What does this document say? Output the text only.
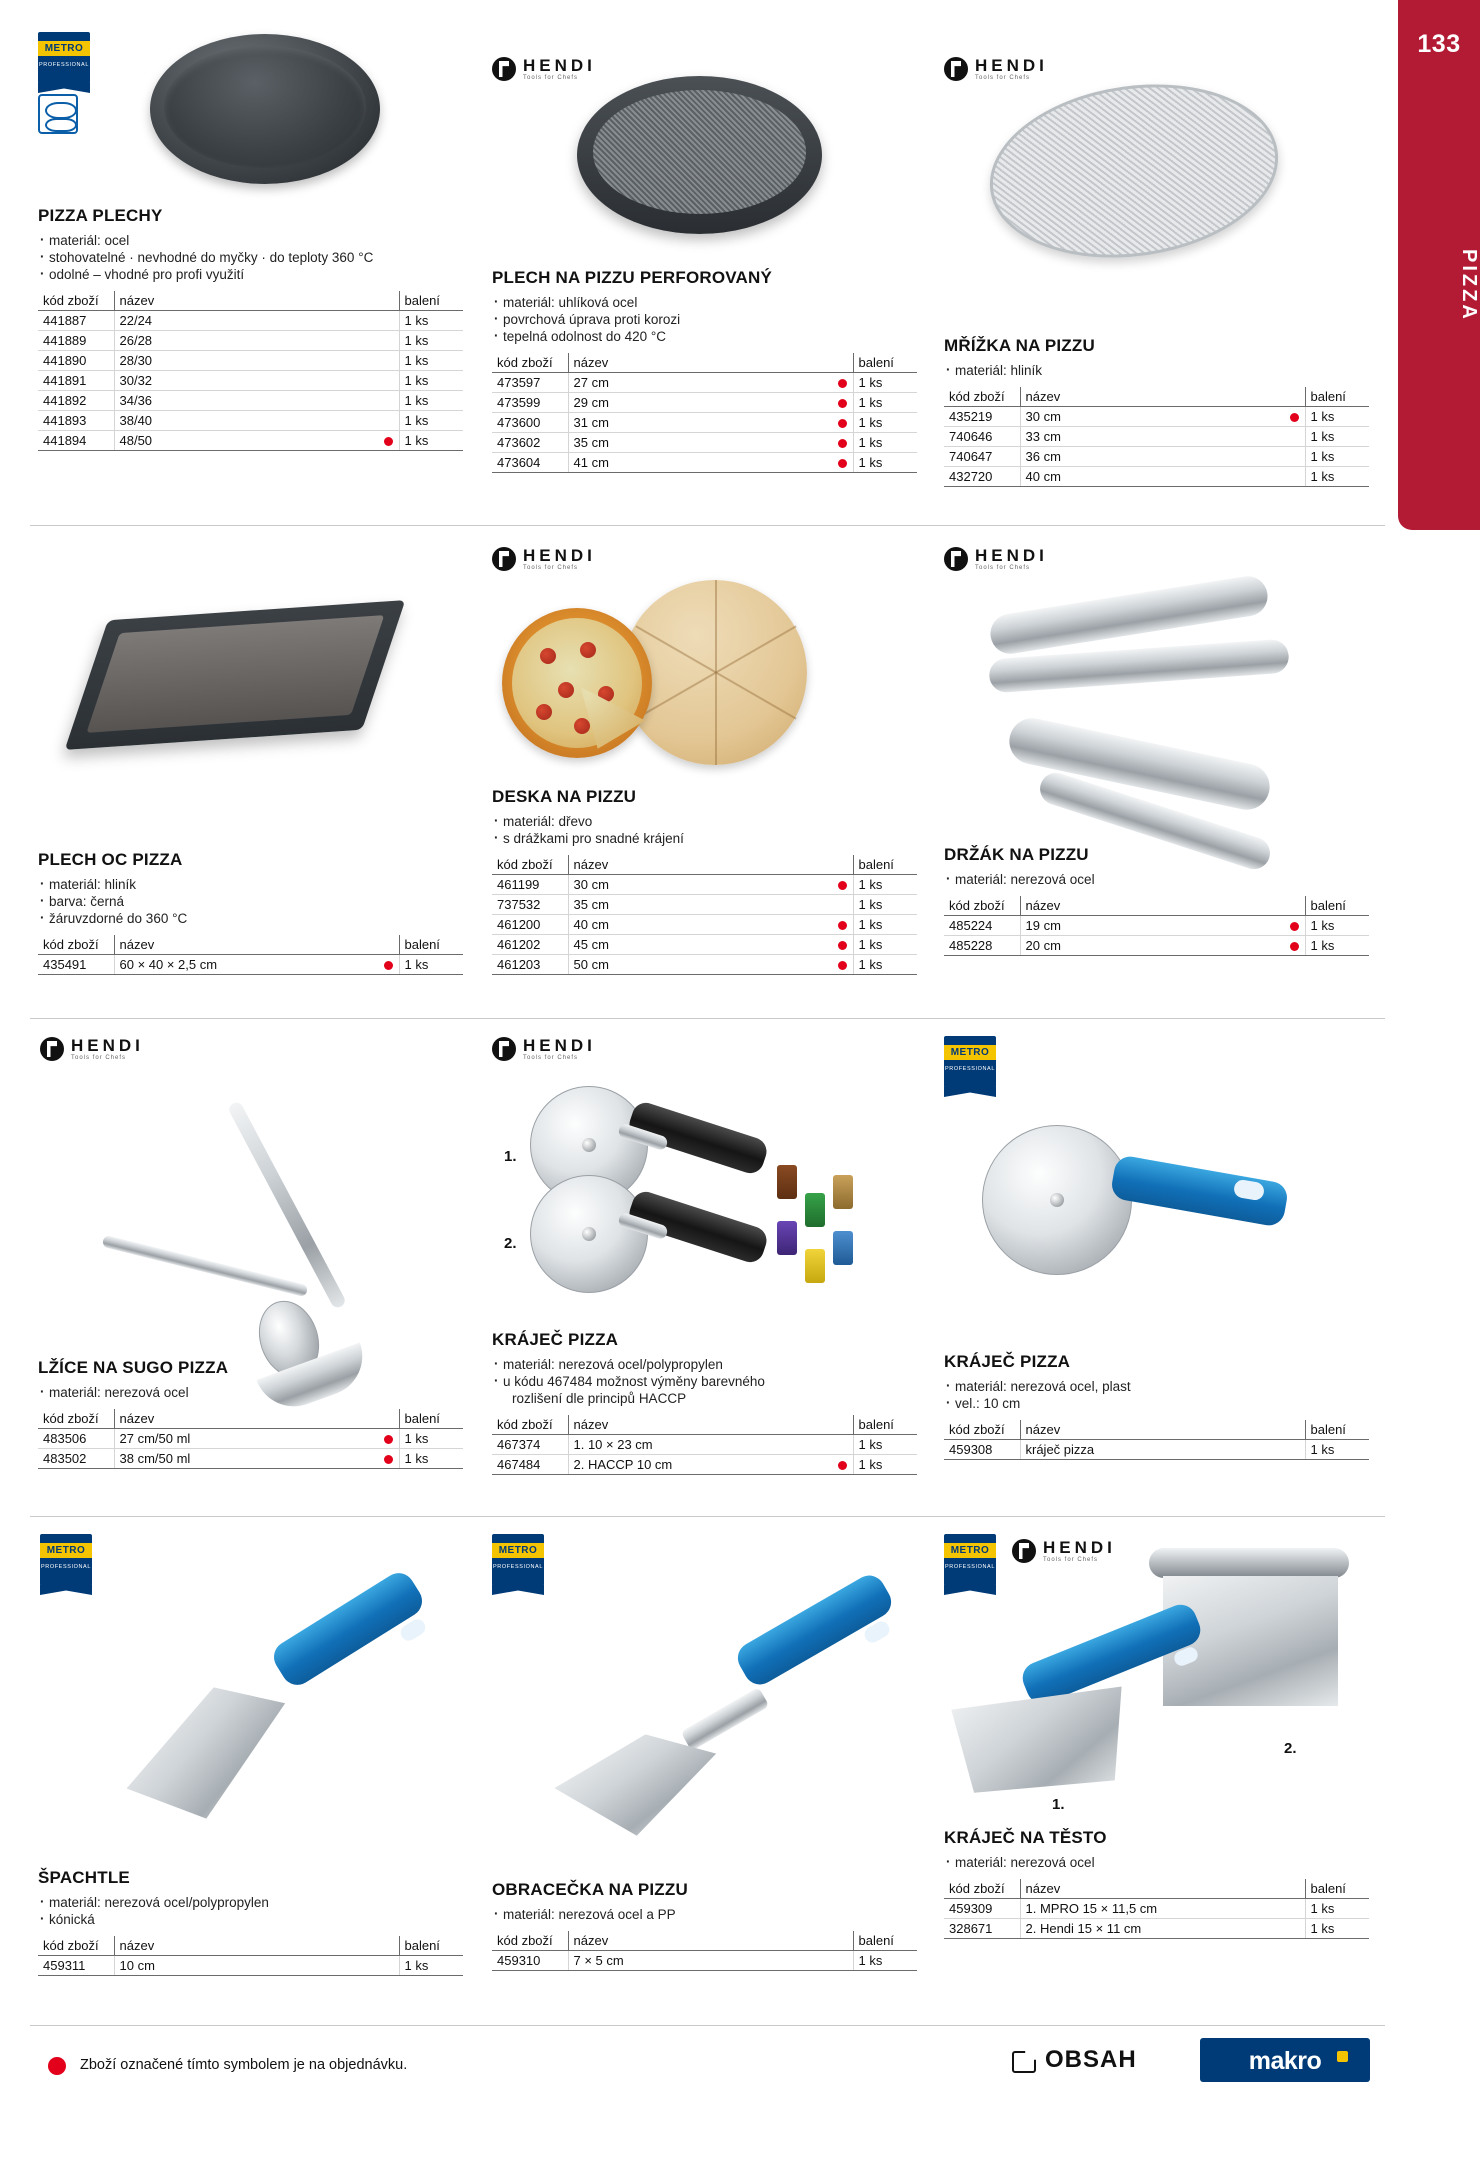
133
PIZZA
METRO
PROFESSIONAL
PIZZA PLECHY
· materiál: ocel
· stohovatelné · nevhodné do myčky · do teploty 360 °C
· odolné – vhodné pro profi využití
kód zboží	název	balení
441887	22/24	1 ks
441889	26/28	1 ks
441890	28/30	1 ks
441891	30/32	1 ks
441892	34/36	1 ks
441893	38/40	1 ks
441894	48/50	1 ks
HENDI
Tools for Chefs
PLECH NA PIZZU PERFOROVANÝ
· materiál: uhlíková ocel
· povrchová úprava proti korozi
· tepelná odolnost do 420 °C
kód zboží	název	balení
473597	27 cm	1 ks
473599	29 cm	1 ks
473600	31 cm	1 ks
473602	35 cm	1 ks
473604	41 cm	1 ks
HENDI
Tools for Chefs
MŘÍŽKA NA PIZZU
· materiál: hliník
kód zboží	název	balení
435219	30 cm	1 ks
740646	33 cm	1 ks
740647	36 cm	1 ks
432720	40 cm	1 ks
PLECH OC PIZZA
· materiál: hliník
· barva: černá
· žáruvzdorné do 360 °C
kód zboží	název	balení
435491	60 × 40 × 2,5 cm	1 ks
HENDI
Tools for Chefs
DESKA NA PIZZU
· materiál: dřevo
· s drážkami pro snadné krájení
kód zboží	název	balení
461199	30 cm	1 ks
737532	35 cm	1 ks
461200	40 cm	1 ks
461202	45 cm	1 ks
461203	50 cm	1 ks
HENDI
Tools for Chefs
DRŽÁK NA PIZZU
· materiál: nerezová ocel
kód zboží	název	balení
485224	19 cm	1 ks
485228	20 cm	1 ks
HENDI
Tools for Chefs
LŽÍCE NA SUGO PIZZA
· materiál: nerezová ocel
kód zboží	název	balení
483506	27 cm/50 ml	1 ks
483502	38 cm/50 ml	1 ks
HENDI
Tools for Chefs
1.
2.
KRÁJEČ PIZZA
· materiál: nerezová ocel/polypropylen
· u kódu 467484 možnost výměny barevného
rozlišení dle principů HACCP
kód zboží	název	balení
467374	1. 10 × 23 cm	1 ks
467484	2. HACCP 10 cm	1 ks
METRO
PROFESSIONAL
KRÁJEČ PIZZA
· materiál: nerezová ocel, plast
· vel.: 10 cm
kód zboží	název	balení
459308	kráječ pizza	1 ks
METRO
PROFESSIONAL
ŠPACHTLE
· materiál: nerezová ocel/polypropylen
· kónická
kód zboží	název	balení
459311	10 cm	1 ks
METRO
PROFESSIONAL
OBRACEČKA NA PIZZU
· materiál: nerezová ocel a PP
kód zboží	název	balení
459310	7 × 5 cm	1 ks
METRO
PROFESSIONAL
HENDI
Tools for Chefs
2.
1.
KRÁJEČ NA TĚSTO
· materiál: nerezová ocel
kód zboží	název	balení
459309	1. MPRO 15 × 11,5 cm	1 ks
328671	2. Hendi 15 × 11 cm	1 ks
Zboží označené tímto symbolem je na objednávku.	OBSAH	makro
